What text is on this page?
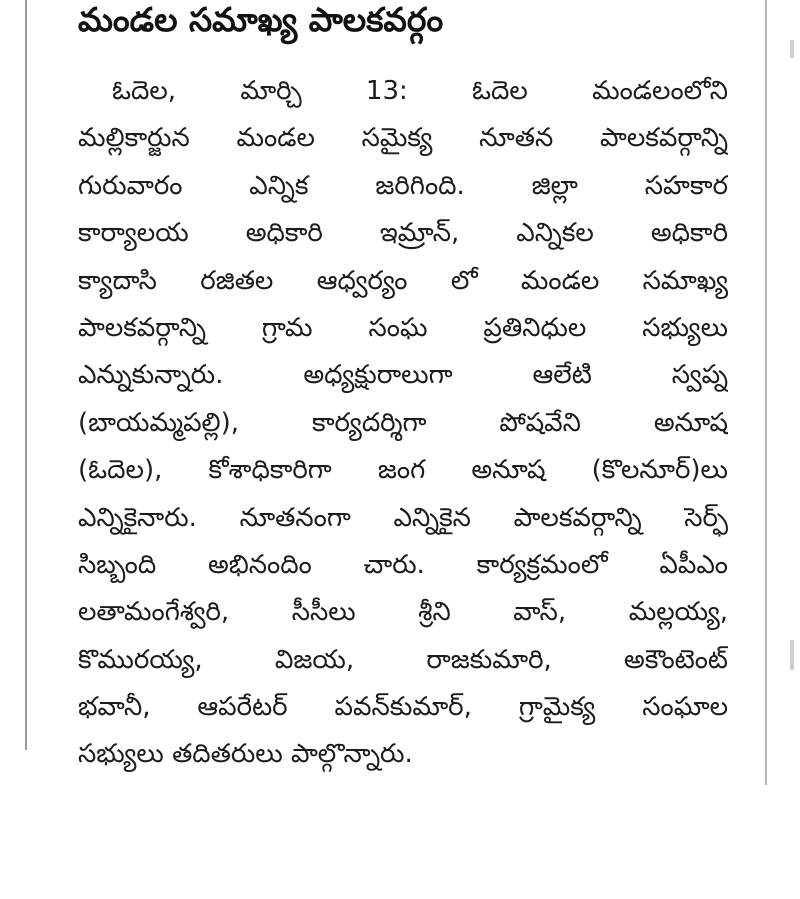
మండల సమాఖ్య పాలకవర్గం
ఓదెల, మార్చి 13: ఓదెల మండలంలోని
మల్లికార్జున మండల సమైక్య నూతన పాలకవర్గాన్ని
గురువారం ఎన్నిక జరిగింది. జిల్లా సహకార
కార్యాలయ అధికారి ఇమ్రాన్, ఎన్నికల అధికారి
క్యాదాసి రజితల ఆధ్వర్యం లో మండల సమాఖ్య
పాలకవర్గాన్ని గ్రామ సంఘ ప్రతినిధుల సభ్యులు
ఎన్నుకున్నారు. అధ్యక్షురాలుగా ఆలేటి స్వప్న
(బాయమ్మపల్లి), కార్యదర్శిగా పోషవేని అనూష
(ఓదెల), కోశాధికారిగా జంగ అనూష (కొలనూర్)లు
ఎన్నికైనారు. నూతనంగా ఎన్నికైన పాలకవర్గాన్ని సెర్ఫ్
సిబ్బంది అభినందిం చారు. కార్యక్రమంలో ఏపీఎం
లతామంగేశ్వరి, సీసీలు శ్రీని వాస్, మల్లయ్య,
కొమురయ్య, విజయ, రాజకుమారి, అకౌంటెంట్
భవానీ, ఆపరేటర్ పవన్‌కుమార్, గ్రామైక్య సంఘాల
సభ్యులు తదితరులు పాల్గొన్నారు.
